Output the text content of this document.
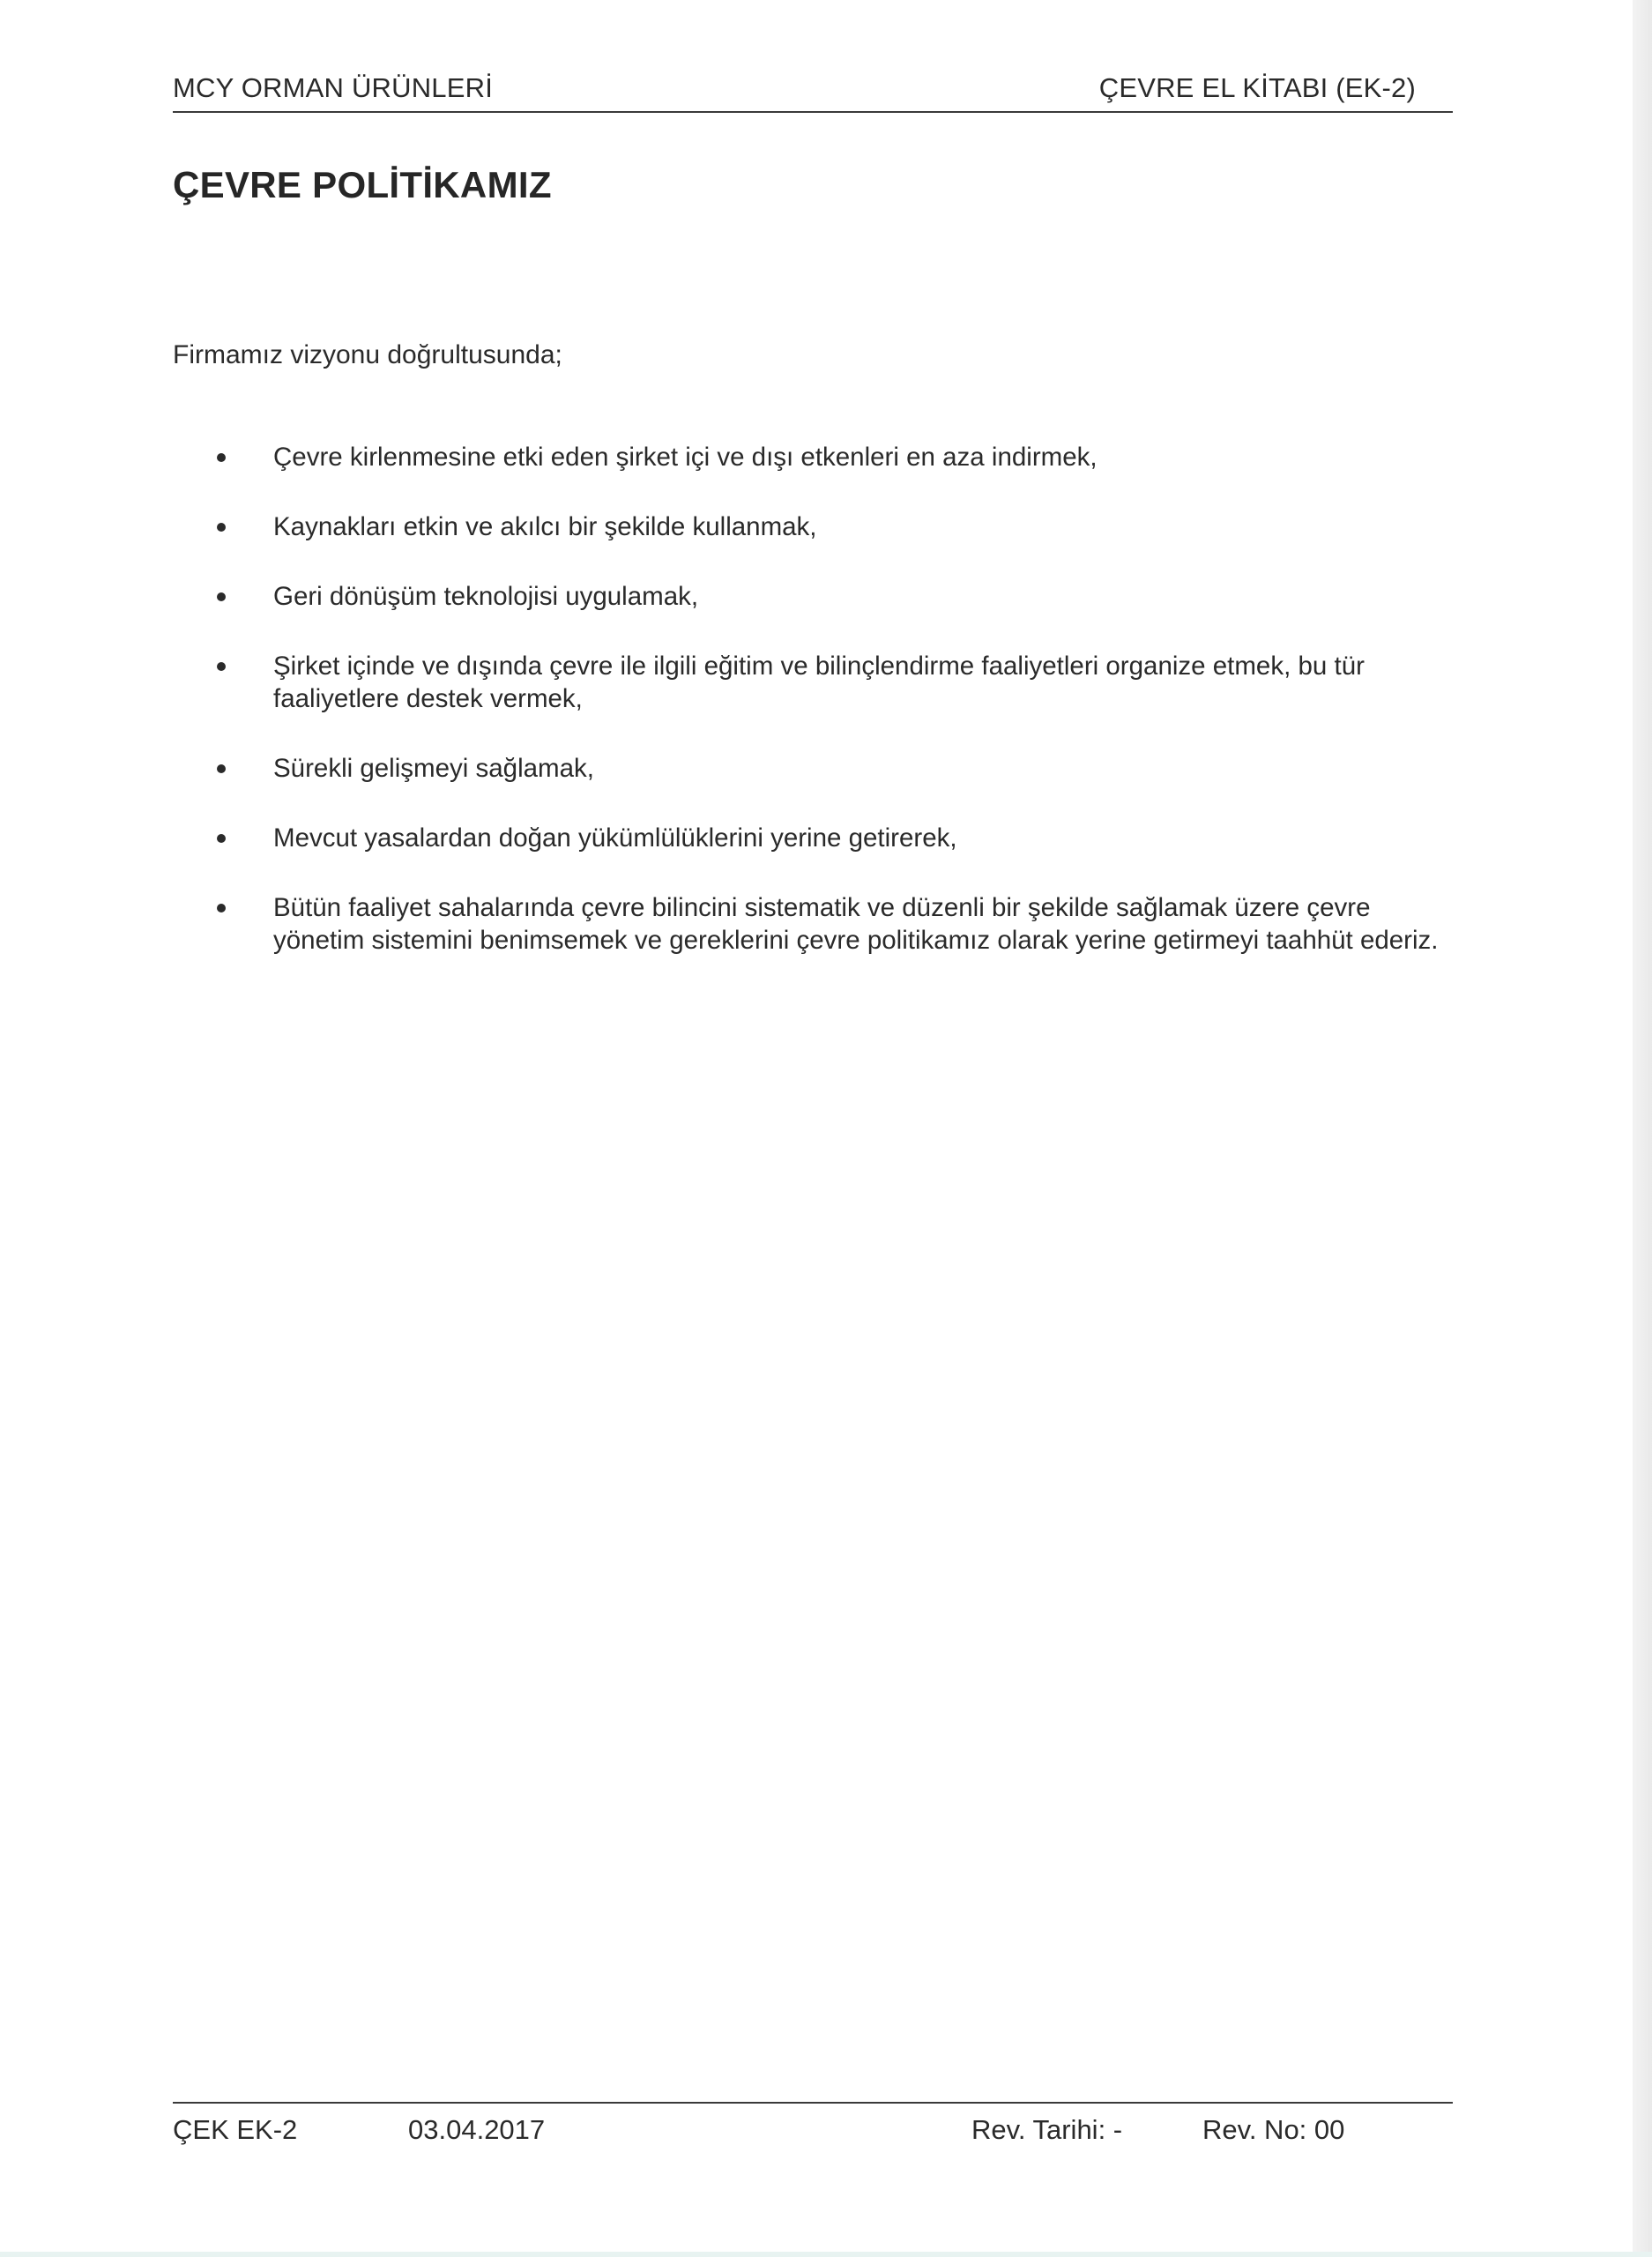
MCY ORMAN ÜRÜNLERİ	ÇEVRE EL KİTABI (EK-2)
ÇEVRE POLİTİKAMIZ
Firmamız vizyonu doğrultusunda;
Çevre kirlenmesine etki eden şirket içi ve dışı etkenleri en aza indirmek,
Kaynakları etkin ve akılcı bir şekilde kullanmak,
Geri dönüşüm teknolojisi uygulamak,
Şirket içinde ve dışında çevre ile ilgili eğitim ve bilinçlendirme faaliyetleri organize etmek, bu tür faaliyetlere destek vermek,
Sürekli gelişmeyi sağlamak,
Mevcut yasalardan doğan yükümlülüklerini yerine getirerek,
Bütün faaliyet sahalarında çevre bilincini sistematik ve düzenli bir şekilde sağlamak üzere çevre yönetim sistemini benimsemek ve gereklerini çevre politikamız olarak yerine getirmeyi taahhüt ederiz.
ÇEK EK-2	03.04.2017	Rev. Tarihi: -	Rev. No: 00
